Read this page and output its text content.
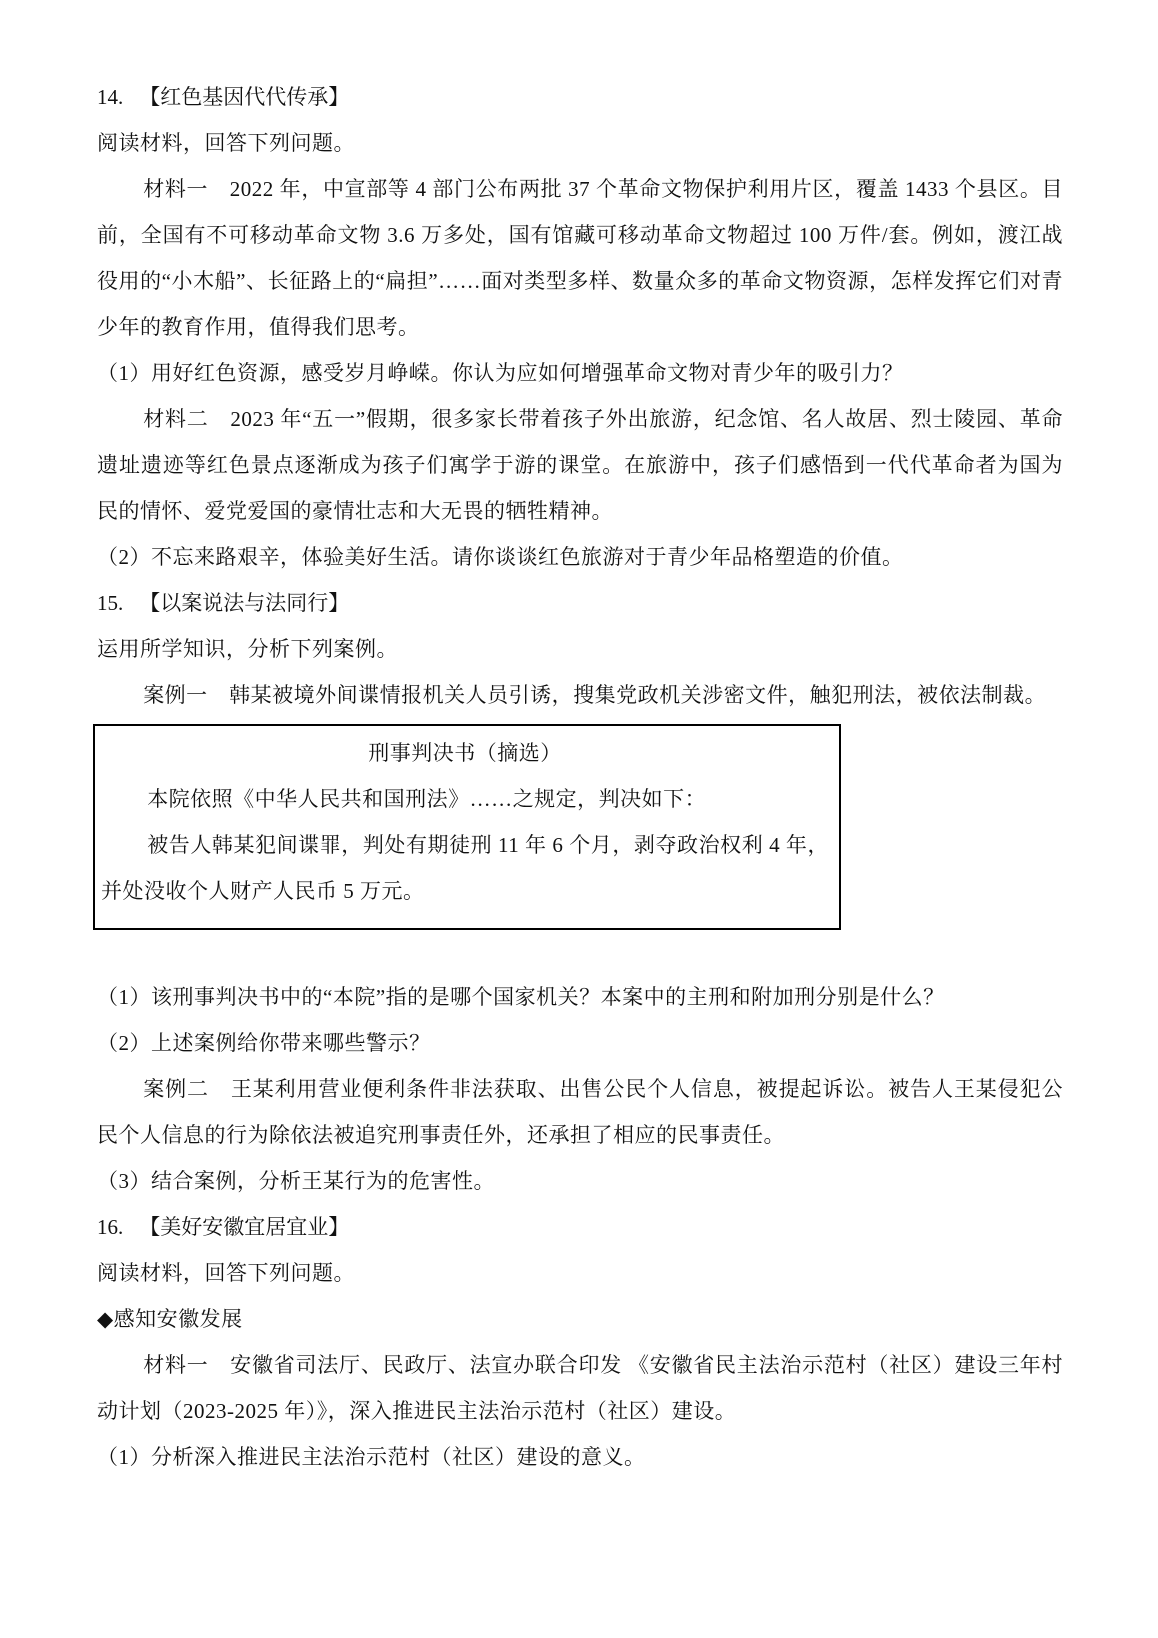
14. 【红色基因代代传承】

阅读材料，回答下列问题。

材料一　2022 年，中宣部等 4 部门公布两批 37 个革命文物保护利用片区，覆盖 1433 个县区。目前，全国有不可移动革命文物 3.6 万多处，国有馆藏可移动革命文物超过 100 万件/套。例如，渡江战役用的“小木船”、长征路上的“扁担”……面对类型多样、数量众多的革命文物资源，怎样发挥它们对青少年的教育作用，值得我们思考。

（1）用好红色资源，感受岁月峥嵘。你认为应如何增强革命文物对青少年的吸引力？

材料二　2023 年“五一”假期，很多家长带着孩子外出旅游，纪念馆、名人故居、烈士陵园、革命遗址遗迹等红色景点逐渐成为孩子们寓学于游的课堂。在旅游中，孩子们感悟到一代代革命者为国为民的情怀、爱党爱国的豪情壮志和大无畏的牺牲精神。

（2）不忘来路艰辛，体验美好生活。请你谈谈红色旅游对于青少年品格塑造的价值。

15. 【以案说法与法同行】

运用所学知识，分析下列案例。

案例一　韩某被境外间谍情报机关人员引诱，搜集党政机关涉密文件，触犯刑法，被依法制裁。

刑事判决书（摘选）

本院依照《中华人民共和国刑法》……之规定，判决如下：

被告人韩某犯间谍罪，判处有期徒刑 11 年 6 个月，剥夺政治权利 4 年，并处没收个人财产人民币 5 万元。

（1）该刑事判决书中的“本院”指的是哪个国家机关？本案中的主刑和附加刑分别是什么？

（2）上述案例给你带来哪些警示？

案例二　王某利用营业便利条件非法获取、出售公民个人信息，被提起诉讼。被告人王某侵犯公民个人信息的行为除依法被追究刑事责任外，还承担了相应的民事责任。

（3）结合案例，分析王某行为的危害性。

16. 【美好安徽宜居宜业】

阅读材料，回答下列问题。

◆感知安徽发展

材料一　安徽省司法厅、民政厅、法宣办联合印发 《安徽省民主法治示范村（社区）建设三年村动计划（2023-2025 年）》，深入推进民主法治示范村（社区）建设。

（1）分析深入推进民主法治示范村（社区）建设的意义。
